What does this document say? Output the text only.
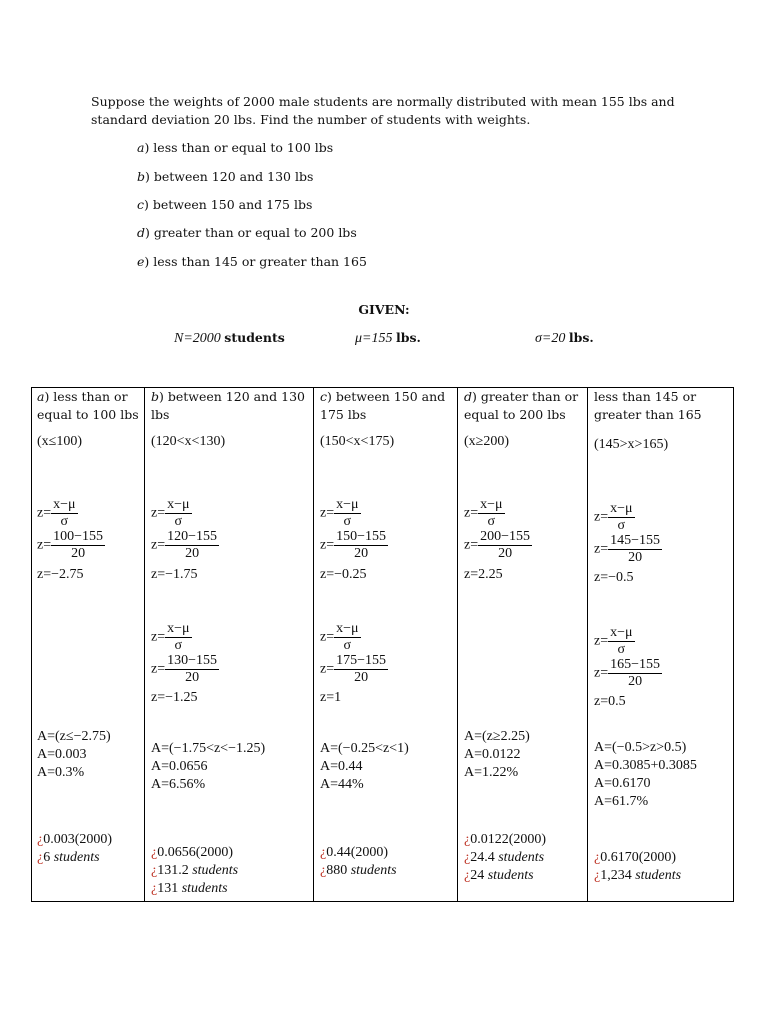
Suppose the weights of 2000 male students are normally distributed with mean 155 lbs and standard deviation 20 lbs. Find the number of students with weights.
a) less than or equal to 100 lbs
b) between 120 and 130 lbs
c) between 150 and 175 lbs
d) greater than or equal to 200 lbs
e) less than 145 or greater than 165
GIVEN:
N=2000 students	μ=155 lbs.	σ=20 lbs.
a) less than or equal to 100 lbs
(x≤100)
$z= \frac{x-\mu}{\sigma}$
$z= \frac{100-155}{20}$
z=−2.75
A=(z≤−2.75)
A=0.003
A=0.3%
¿0.003(2000)
¿6 students
b) between 120 and 130 lbs
(120<x<130)
$z= \frac{x-\mu}{\sigma}$
$z= \frac{120-155}{20}$
z=−1.75
$z= \frac{x-\mu}{\sigma}$
$z= \frac{130-155}{20}$
z=−1.25
A=(−1.75<z<−1.25)
A=0.0656
A=6.56%
¿0.0656(2000)
¿131.2 students
¿131 students
c) between 150 and 175 lbs
(150<x<175)
$z= \frac{x-\mu}{\sigma}$
$z= \frac{150-155}{20}$
z=−0.25
$z= \frac{x-\mu}{\sigma}$
$z= \frac{175-155}{20}$
z=1
A=(−0.25<z<1)
A=0.44
A=44%
¿0.44(2000)
¿880 students
d) greater than or equal to 200 lbs
(x≥200)
$z= \frac{x-\mu}{\sigma}$
$z= \frac{200-155}{20}$
z=2.25
A=(z≥2.25)
A=0.0122
A=1.22%
¿0.0122(2000)
¿24.4 students
¿24 students
less than 145 or greater than 165
(145>x>165)
$z= \frac{x-\mu}{\sigma}$
$z= \frac{145-155}{20}$
z=−0.5
$z= \frac{x-\mu}{\sigma}$
$z= \frac{165-155}{20}$
z=0.5
A=(−0.5>z>0.5)
A=0.3085+0.3085
A=0.6170
A=61.7%
¿0.6170(2000)
¿1,234 students
